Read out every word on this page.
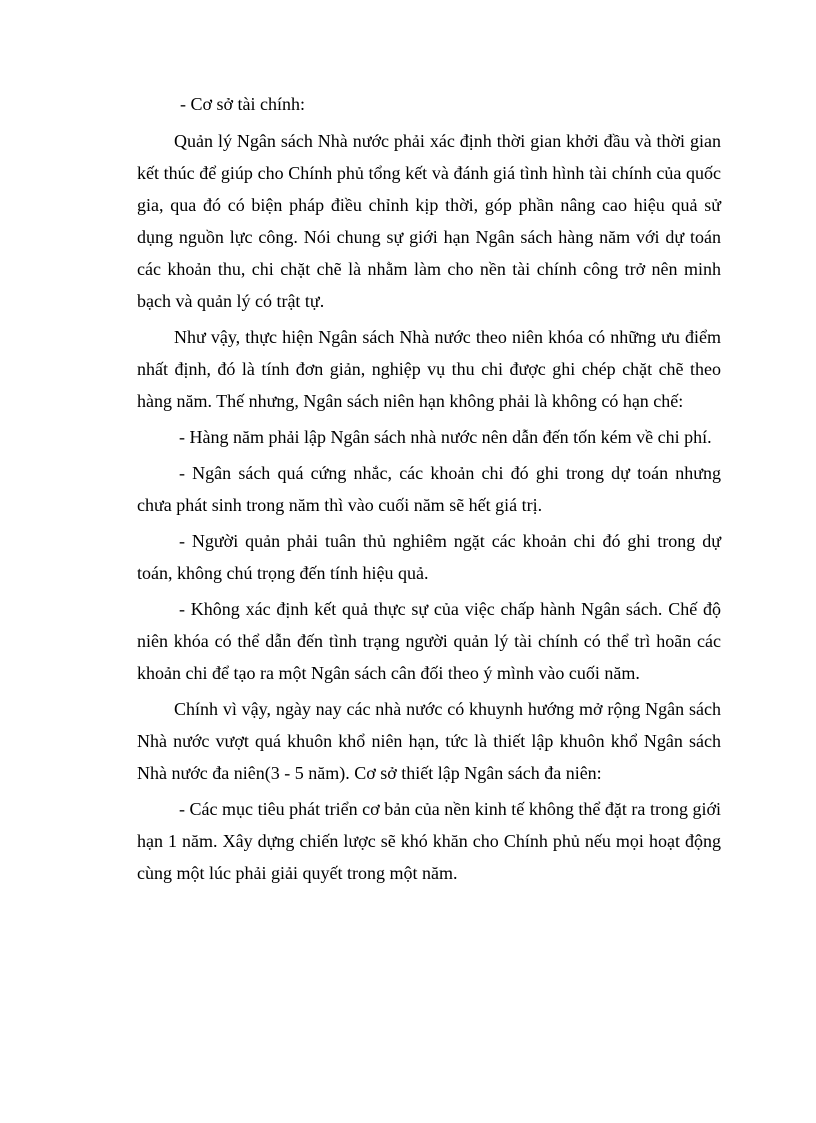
- Cơ sở tài chính:

Quản lý Ngân sách Nhà nước phải xác định thời gian khởi đầu và thời gian kết thúc để giúp cho Chính phủ tổng kết và đánh giá tình hình tài chính của quốc gia, qua đó có biện pháp điều chỉnh kịp thời, góp phần nâng cao hiệu quả sử dụng nguồn lực công. Nói chung sự giới hạn Ngân sách hàng năm với dự toán các khoản thu, chi chặt chẽ là nhằm làm cho nền tài chính công trở nên minh bạch và quản lý có trật tự.

Như vậy, thực hiện Ngân sách Nhà nước theo niên khóa có những ưu điểm nhất định, đó là tính đơn giản, nghiệp vụ thu chi được ghi chép chặt chẽ theo hàng năm. Thế nhưng, Ngân sách niên hạn không phải là không có hạn chế:

- Hàng năm phải lập Ngân sách nhà nước nên dẫn đến tốn kém về chi phí.

- Ngân sách quá cứng nhắc, các khoản chi đó ghi trong dự toán nhưng chưa phát sinh trong năm thì vào cuối năm sẽ hết giá trị.

- Người quản phải tuân thủ nghiêm ngặt các khoản chi đó ghi trong dự toán, không chú trọng đến tính hiệu quả.

- Không xác định kết quả thực sự của việc chấp hành Ngân sách. Chế độ niên khóa có thể dẫn đến tình trạng người quản lý tài chính có thể trì hoãn các khoản chi để tạo ra một Ngân sách cân đối theo ý mình vào cuối năm.

Chính vì vậy, ngày nay các nhà nước có khuynh hướng mở rộng Ngân sách Nhà nước vượt quá khuôn khổ niên hạn, tức là thiết lập khuôn khổ Ngân sách Nhà nước đa niên(3 - 5 năm). Cơ sở thiết lập Ngân sách đa niên:

- Các mục tiêu phát triển cơ bản của nền kinh tế không thể đặt ra trong giới hạn 1 năm. Xây dựng chiến lược sẽ khó khăn cho Chính phủ nếu mọi hoạt động cùng một lúc phải giải quyết trong một năm.
